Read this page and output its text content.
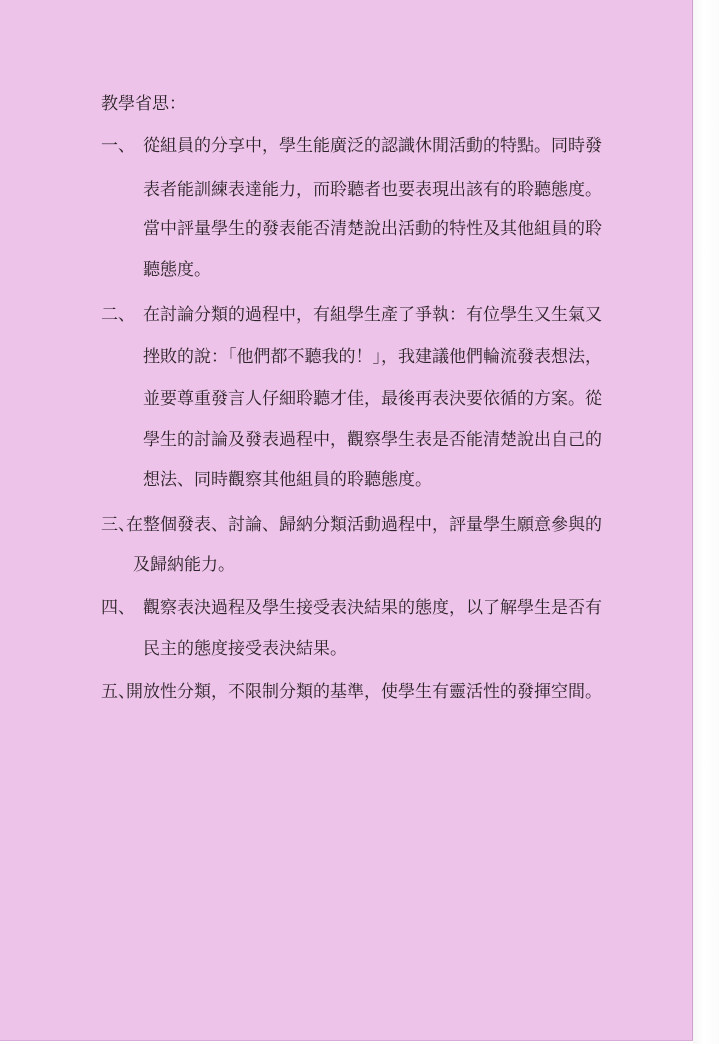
教學省思：
一、 從組員的分享中，學生能廣泛的認識休閒活動的特點。同時發
表者能訓練表達能力，而聆聽者也要表現出該有的聆聽態度。
當中評量學生的發表能否清楚說出活動的特性及其他組員的聆
聽態度。
二、 在討論分類的過程中，有組學生產了爭執：有位學生又生氣又
挫敗的說：「他們都不聽我的！」，我建議他們輪流發表想法，
並要尊重發言人仔細聆聽才佳，最後再表決要依循的方案。從
學生的討論及發表過程中，觀察學生表是否能清楚說出自己的
想法、同時觀察其他組員的聆聽態度。
三、
在整個發表、討論、歸納分類活動過程中，評量學生願意參與的
及歸納能力。
四、 觀察表決過程及學生接受表決結果的態度，以了解學生是否有
民主的態度接受表決結果。
五、
開放性分類，不限制分類的基準，使學生有靈活性的發揮空間。
